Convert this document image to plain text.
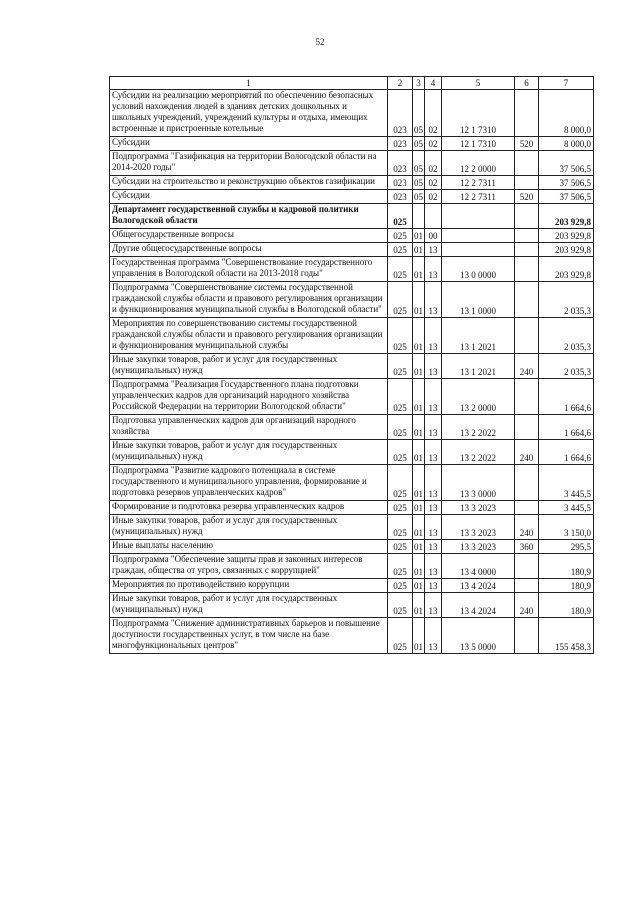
52
1	2	3	4	5	6	7
Субсидии на реализацию мероприятий по обеспечению безопасных условий нахождения людей в зданиях детских дошкольных и школьных учреждений, учреждений культуры и отдыха, имеющих встроенные и пристроенные котельные	023	05	02	12 1 7310		8 000,0
Субсидии	023	05	02	12 1 7310	520	8 000,0
Подпрограмма "Газификация на территории Вологодской области на 2014-2020 годы"	023	05	02	12 2 0000		37 506,5
Субсидии на строительство и реконструкцию объектов газификации	023	05	02	12 2 7311		37 506,5
Субсидии	023	05	02	12 2 7311	520	37 506,5
Департамент государственной службы и кадровой политики Вологодской области	025					203 929,8
Общегосударственные вопросы	025	01	00			203 929,8
Другие общегосударственные вопросы	025	01	13			203 929,8
Государственная программа "Совершенствование государственного управления в Вологодской области на 2013-2018 годы"	025	01	13	13 0 0000		203 929,8
Подпрограмма "Совершенствование системы государственной гражданской службы области и правового регулирования организации и функционирования муниципальной службы в Вологодской области"	025	01	13	13 1 0000		2 035,3
Мероприятия по совершенствованию системы государственной гражданской службы области и правового регулирования организации и функционирования муниципальной службы	025	01	13	13 1 2021		2 035,3
Иные закупки товаров, работ и услуг для государственных (муниципальных) нужд	025	01	13	13 1 2021	240	2 035,3
Подпрограмма "Реализация Государственного плана подготовки управленческих кадров для организаций народного хозяйства Российской Федерации на территории Вологодской области"	025	01	13	13 2 0000		1 664,6
Подготовка управленческих кадров для организаций народного хозяйства	025	01	13	13 2 2022		1 664,6
Иные закупки товаров, работ и услуг для государственных (муниципальных) нужд	025	01	13	13 2 2022	240	1 664,6
Подпрограмма "Развитие кадрового потенциала в системе государственного и муниципального управления, формирование и подготовка резервов управленческих кадров"	025	01	13	13 3 0000		3 445,5
Формирование и подготовка резерва управленческих кадров	025	01	13	13 3 2023		3 445,5
Иные закупки товаров, работ и услуг для государственных (муниципальных) нужд	025	01	13	13 3 2023	240	3 150,0
Иные выплаты населению	025	01	13	13 3 2023	360	295,5
Подпрограмма "Обеспечение защиты прав и законных интересов граждан, общества от угроз, связанных с коррупцией"	025	01	13	13 4 0000		180,9
Мероприятия по противодействию коррупции	025	01	13	13 4 2024		180,9
Иные закупки товаров, работ и услуг для государственных (муниципальных) нужд	025	01	13	13 4 2024	240	180,9
Подпрограмма "Снижение административных барьеров и повышение доступности государственных услуг, в том числе на базе многофункциональных центров"	025	01	13	13 5 0000		155 458,3
